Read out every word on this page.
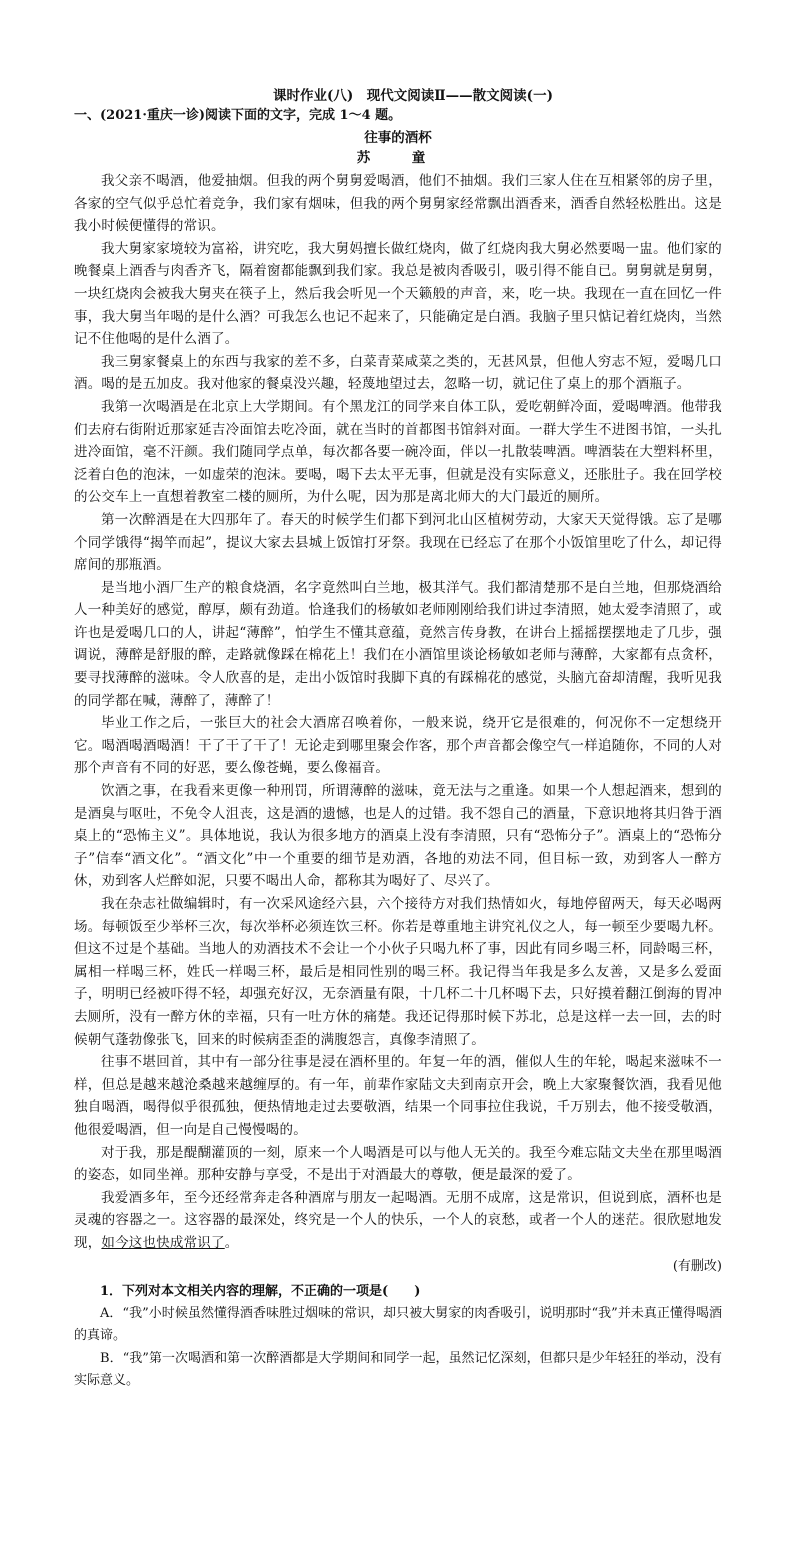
课时作业(八)　现代文阅读Ⅱ——散文阅读(一)

一、(2021·重庆一诊)阅读下面的文字，完成 1～4 题。

往事的酒杯

苏　童

我父亲不喝酒，他爱抽烟。但我的两个舅舅爱喝酒，他们不抽烟。我们三家人住在互相紧邻的房子里，各家的空气似乎总忙着竞争，我们家有烟味，但我的两个舅舅家经常飘出酒香来，酒香自然轻松胜出。这是我小时候便懂得的常识。

我大舅家家境较为富裕，讲究吃，我大舅妈擅长做红烧肉，做了红烧肉我大舅必然要喝一盅。他们家的晚餐桌上酒香与肉香齐飞，隔着窗都能飘到我们家。我总是被肉香吸引，吸引得不能自已。舅舅就是舅舅，一块红烧肉会被我大舅夹在筷子上，然后我会听见一个天籁般的声音，来，吃一块。我现在一直在回忆一件事，我大舅当年喝的是什么酒？可我怎么也记不起来了，只能确定是白酒。我脑子里只惦记着红烧肉，当然记不住他喝的是什么酒了。

我三舅家餐桌上的东西与我家的差不多，白菜青菜咸菜之类的，无甚风景，但他人穷志不短，爱喝几口酒。喝的是五加皮。我对他家的餐桌没兴趣，轻蔑地望过去，忽略一切，就记住了桌上的那个酒瓶子。

我第一次喝酒是在北京上大学期间。有个黑龙江的同学来自体工队，爱吃朝鲜冷面，爱喝啤酒。他带我们去府右街附近那家延吉冷面馆去吃冷面，就在当时的首都图书馆斜对面。一群大学生不进图书馆，一头扎进冷面馆，毫不汗颜。我们随同学点单，每次都各要一碗冷面，伴以一扎散装啤酒。啤酒装在大塑料杯里，泛着白色的泡沫，一如虚荣的泡沫。要喝，喝下去太平无事，但就是没有实际意义，还胀肚子。我在回学校的公交车上一直想着教室二楼的厕所，为什么呢，因为那是离北师大的大门最近的厕所。

第一次醉酒是在大四那年了。春天的时候学生们都下到河北山区植树劳动，大家天天觉得饿。忘了是哪个同学饿得“揭竿而起”，提议大家去县城上饭馆打牙祭。我现在已经忘了在那个小饭馆里吃了什么，却记得席间的那瓶酒。

是当地小酒厂生产的粮食烧酒，名字竟然叫白兰地，极其洋气。我们都清楚那不是白兰地，但那烧酒给人一种美好的感觉，醇厚，颇有劲道。恰逢我们的杨敏如老师刚刚给我们讲过李清照，她太爱李清照了，或许也是爱喝几口的人，讲起“薄醉”，怕学生不懂其意蕴，竟然言传身教，在讲台上摇摇摆摆地走了几步，强调说，薄醉是舒服的醉，走路就像踩在棉花上！我们在小酒馆里谈论杨敏如老师与薄醉，大家都有点贪杯，要寻找薄醉的滋味。令人欣喜的是，走出小饭馆时我脚下真的有踩棉花的感觉，头脑亢奋却清醒，我听见我的同学都在喊，薄醉了，薄醉了！

毕业工作之后，一张巨大的社会大酒席召唤着你，一般来说，绕开它是很难的，何况你不一定想绕开它。喝酒喝酒喝酒！干了干了干了！无论走到哪里聚会作客，那个声音都会像空气一样追随你，不同的人对那个声音有不同的好恶，要么像苍蝇，要么像福音。

饮酒之事，在我看来更像一种刑罚，所谓薄醉的滋味，竟无法与之重逢。如果一个人想起酒来，想到的是酒臭与呕吐，不免令人沮丧，这是酒的遗憾，也是人的过错。我不怨自己的酒量，下意识地将其归咎于酒桌上的“恐怖主义”。具体地说，我认为很多地方的酒桌上没有李清照，只有“恐怖分子”。酒桌上的“恐怖分子”信奉“酒文化”。“酒文化”中一个重要的细节是劝酒，各地的劝法不同，但目标一致，劝到客人一醉方休，劝到客人烂醉如泥，只要不喝出人命，都称其为喝好了、尽兴了。

我在杂志社做编辑时，有一次采风途经六县，六个接待方对我们热情如火，每地停留两天，每天必喝两场。每顿饭至少举杯三次，每次举杯必须连饮三杯。你若是尊重地主讲究礼仪之人，每一顿至少要喝九杯。但这不过是个基础。当地人的劝酒技术不会让一个小伙子只喝九杯了事，因此有同乡喝三杯，同龄喝三杯，属相一样喝三杯，姓氏一样喝三杯，最后是相同性别的喝三杯。我记得当年我是多么友善，又是多么爱面子，明明已经被吓得不轻，却强充好汉，无奈酒量有限，十几杯二十几杯喝下去，只好摸着翻江倒海的胃冲去厕所，没有一醉方休的幸福，只有一吐方休的痛楚。我还记得那时候下苏北，总是这样一去一回，去的时候朝气蓬勃像张飞，回来的时候病歪歪的满腹怨言，真像李清照了。

往事不堪回首，其中有一部分往事是浸在酒杯里的。年复一年的酒，催似人生的年轮，喝起来滋味不一样，但总是越来越沧桑越来越缠厚的。有一年，前辈作家陆文夫到南京开会，晚上大家聚餐饮酒，我看见他独自喝酒，喝得似乎很孤独，便热情地走过去要敬酒，结果一个同事拉住我说，千万别去，他不接受敬酒，他很爱喝酒，但一向是自己慢慢喝的。

对于我，那是醍醐灌顶的一刻，原来一个人喝酒是可以与他人无关的。我至今难忘陆文夫坐在那里喝酒的姿态，如同坐禅。那种安静与享受，不是出于对酒最大的尊敬，便是最深的爱了。

我爱酒多年，至今还经常奔走各种酒席与朋友一起喝酒。无朋不成席，这是常识，但说到底，酒杯也是灵魂的容器之一。这容器的最深处，终究是一个人的快乐，一个人的哀愁，或者一个人的迷茫。很欣慰地发现，如今这也快成常识了。

(有删改)

1．下列对本文相关内容的理解，不正确的一项是(　　)

A．“我”小时候虽然懂得酒香味胜过烟味的常识，却只被大舅家的肉香吸引，说明那时“我”并未真正懂得喝酒的真谛。

B．“我”第一次喝酒和第一次醉酒都是大学期间和同学一起，虽然记忆深刻，但都只是少年轻狂的举动，没有实际意义。
